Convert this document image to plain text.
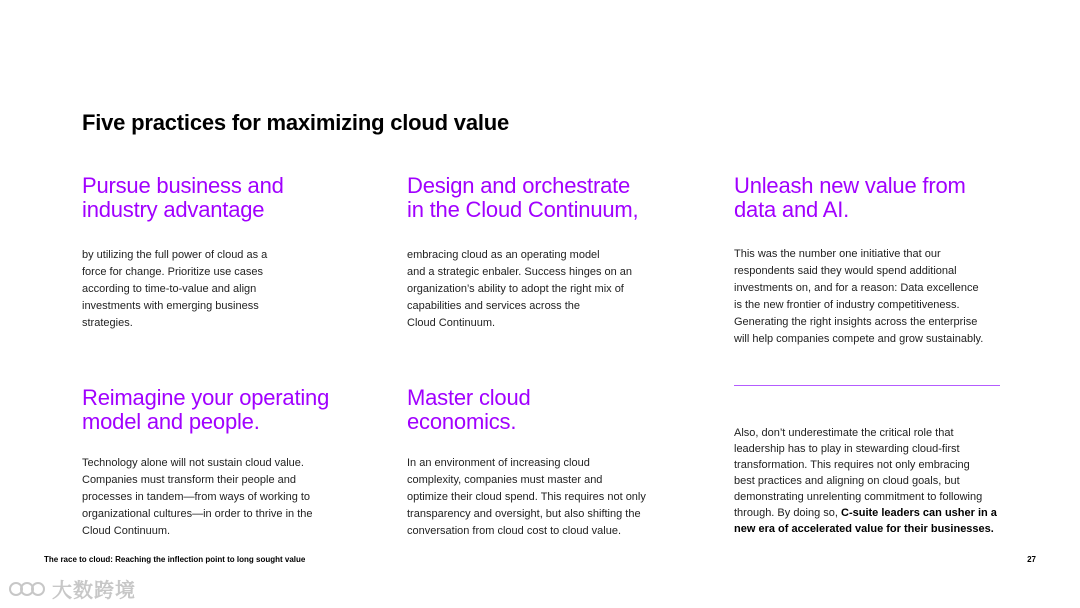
Five practices for maximizing cloud value
Pursue business and
industry advantage

by utilizing the full power of cloud as a
force for change. Prioritize use cases
according to time-to-value and align
investments with emerging business
strategies.

Design and orchestrate
in the Cloud Continuum,

embracing cloud as an operating model
and a strategic enbaler. Success hinges on an
organization’s ability to adopt the right mix of
capabilities and services across the
Cloud Continuum.

Unleash new value from
data and AI.

This was the number one initiative that our
respondents said they would spend additional
investments on, and for a reason: Data excellence
is the new frontier of industry competitiveness.
Generating the right insights across the enterprise
will help companies compete and grow sustainably.

Reimagine your operating
model and people.

Technology alone will not sustain cloud value.
Companies must transform their people and
processes in tandem—from ways of working to
organizational cultures—in order to thrive in the
Cloud Continuum.

Master cloud
economics.

In an environment of increasing cloud
complexity, companies must master and
optimize their cloud spend. This requires not only
transparency and oversight, but also shifting the
conversation from cloud cost to cloud value.

Also, don’t underestimate the critical role that
leadership has to play in stewarding cloud-first
transformation. This requires not only embracing
best practices and aligning on cloud goals, but
demonstrating unrelenting commitment to following
through. By doing so, C-suite leaders can usher in a
new era of accelerated value for their businesses.

The race to cloud: Reaching the inflection point to long sought value	27
大数跨境
